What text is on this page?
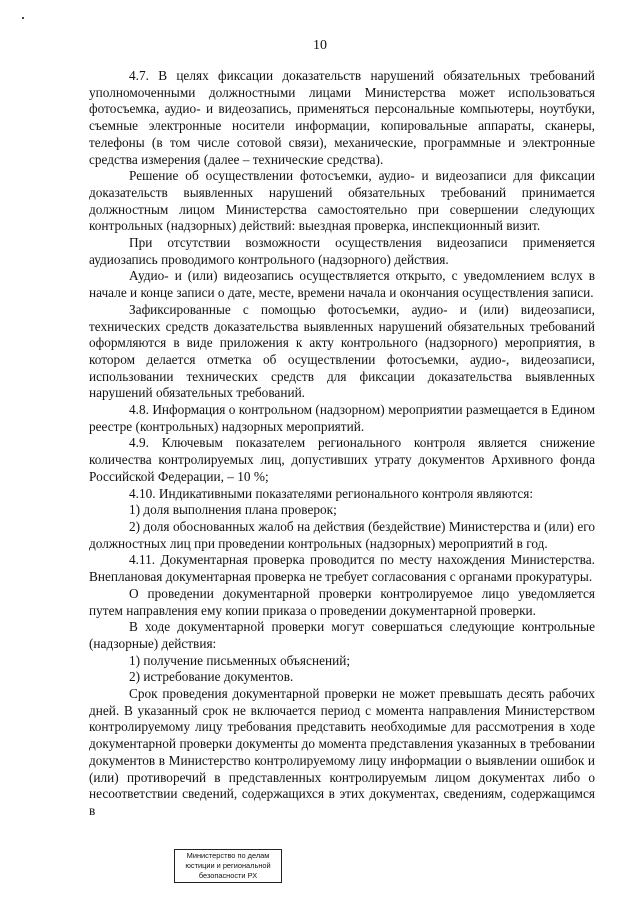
10

4.7. В целях фиксации доказательств нарушений обязательных требований уполномоченными должностными лицами Министерства может использоваться фотосъемка, аудио- и видеозапись, применяться персональные компьютеры, ноутбуки, съемные электронные носители информации, копировальные аппараты, сканеры, телефоны (в том числе сотовой связи), механические, программные и электронные средства измерения (далее – технические средства).

Решение об осуществлении фотосъемки, аудио- и видеозаписи для фиксации доказательств выявленных нарушений обязательных требований принимается должностным лицом Министерства самостоятельно при совершении следующих контрольных (надзорных) действий: выездная проверка, инспекционный визит.

При отсутствии возможности осуществления видеозаписи применяется аудиозапись проводимого контрольного (надзорного) действия.

Аудио- и (или) видеозапись осуществляется открыто, с уведомлением вслух в начале и конце записи о дате, месте, времени начала и окончания осуществления записи.

Зафиксированные с помощью фотосъемки, аудио- и (или) видеозаписи, технических средств доказательства выявленных нарушений обязательных требований оформляются в виде приложения к акту контрольного (надзорного) мероприятия, в котором делается отметка об осуществлении фотосъемки, аудио-, видеозаписи, использовании технических средств для фиксации доказательства выявленных нарушений обязательных требований.

4.8. Информация о контрольном (надзорном) мероприятии размещается в Едином реестре (контрольных) надзорных мероприятий.

4.9. Ключевым показателем регионального контроля является снижение количества контролируемых лиц, допустивших утрату документов Архивного фонда Российской Федерации, – 10 %;

4.10. Индикативными показателями регионального контроля являются:

1) доля выполнения плана проверок;

2) доля обоснованных жалоб на действия (бездействие) Министерства и (или) его должностных лиц при проведении контрольных (надзорных) мероприятий в год.

4.11. Документарная проверка проводится по месту нахождения Министерства. Внеплановая документарная проверка не требует согласования с органами прокуратуры.

О проведении документарной проверки контролируемое лицо уведомляется путем направления ему копии приказа о проведении документарной проверки.

В ходе документарной проверки могут совершаться следующие контрольные (надзорные) действия:

1) получение письменных объяснений;

2) истребование документов.

Срок проведения документарной проверки не может превышать десять рабочих дней. В указанный срок не включается период с момента направления Министерством контролируемому лицу требования представить необходимые для рассмотрения в ходе документарной проверки документы до момента представления указанных в требовании документов в Министерство контролируемому лицу информации о выявлении ошибок и (или) противоречий в представленных контролируемым лицом документах либо о несоответствии сведений, содержащихся в этих документах, сведениям, содержащимся в

Министерство по делам
юстиции и региональной
безопасности РХ
